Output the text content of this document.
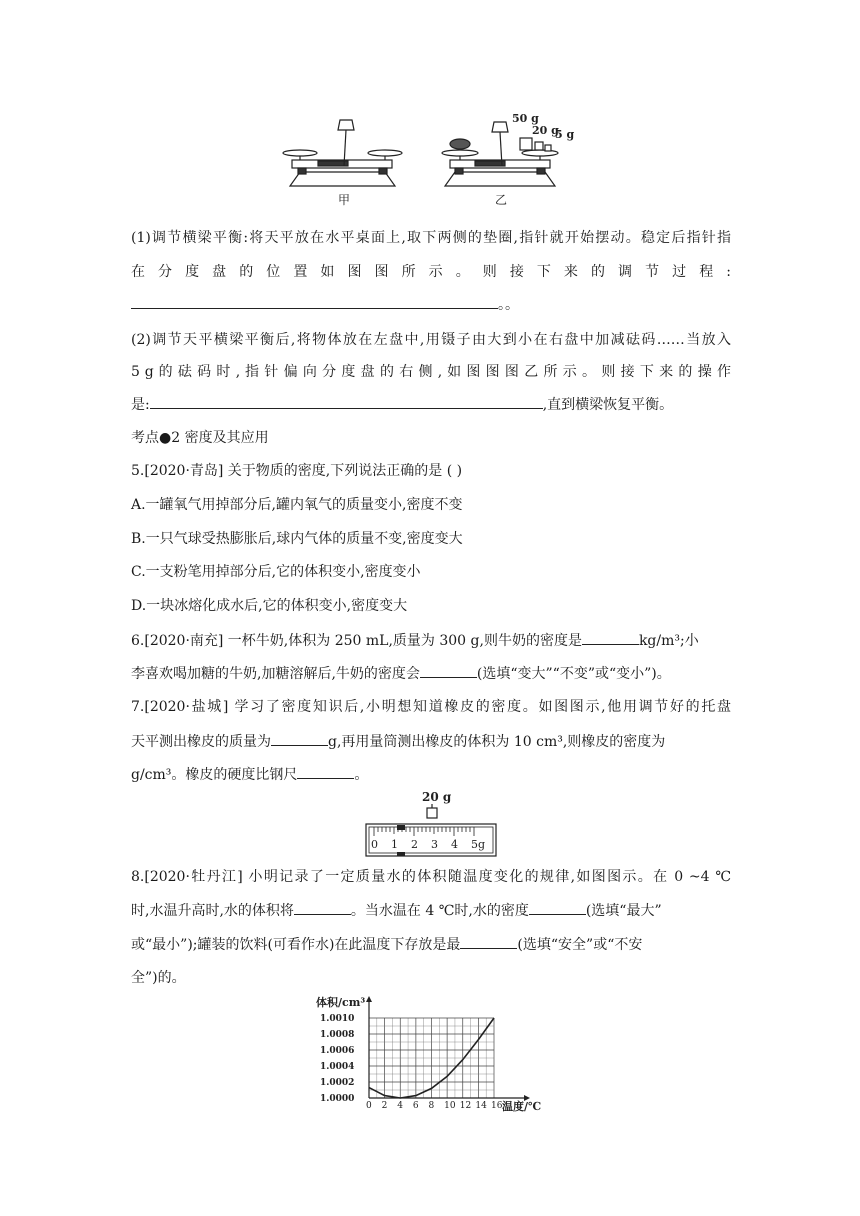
甲
50 g
20 g
5 g
乙
(1)调节横梁平衡:将天平放在水平桌面上,取下两侧的垫圈,指针就开始摆动。稳定后指针指
在 分 度 盘 的 位 置 如 图 图 所 示 。 则 接 下 来 的 调 节 过 程 :
。。
(2)调节天平横梁平衡后,将物体放在左盘中,用镊子由大到小在右盘中加减砝码……当放入
5 g 的 砝 码 时 , 指 针 偏 向 分 度 盘 的 右 侧 , 如 图 图 图 乙 所 示 。 则 接 下 来 的 操 作
是:	,直到横梁恢复平衡。
考点●2 密度及其应用
5.[2020·青岛] 关于物质的密度,下列说法正确的是 ( )
A.一罐氧气用掉部分后,罐内氧气的质量变小,密度不变
B.一只气球受热膨胀后,球内气体的质量不变,密度变大
C.一支粉笔用掉部分后,它的体积变小,密度变小
D.一块冰熔化成水后,它的体积变小,密度变大
6.[2020·南充] 一杯牛奶,体积为 250 mL,质量为 300 g,则牛奶的密度是	kg/m³;小
李喜欢喝加糖的牛奶,加糖溶解后,牛奶的密度会	(选填“变大”“不变”或“变小”)。
7.[2020·盐城] 学习了密度知识后,小明想知道橡皮的密度。如图图示,他用调节好的托盘
天平测出橡皮的质量为	g,再用量筒测出橡皮的体积为 10 cm³,则橡皮的密度为
g/cm³。橡皮的硬度比钢尺	。
20 g
0 1 2 3 4 5g
8.[2020·牡丹江] 小明记录了一定质量水的体积随温度变化的规律,如图图示。在 0 ~4 ℃
时,水温升高时,水的体积将	。当水温在 4 ℃时,水的密度	(选填“最大”
或“最小”);罐装的饮料(可看作水)在此温度下存放是最	(选填“安全”或“不安
全”)的。
体积/cm³
1.0000
1.0002
1.0004
1.0006
1.0008
1.0010
0 2 4 6 8 10 12 14 16 温度/℃
